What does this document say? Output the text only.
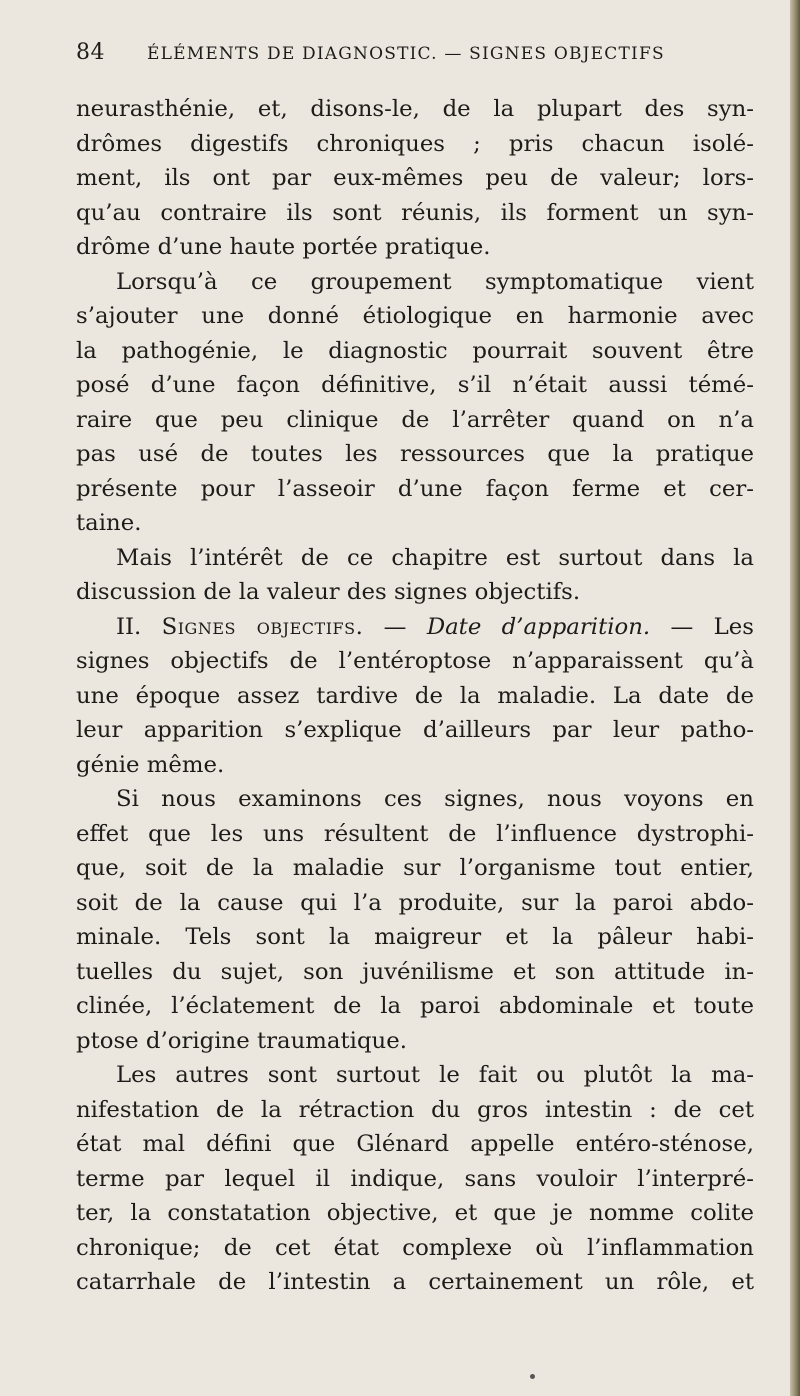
84 ÉLÉMENTS DE DIAGNOSTIC. — SIGNES OBJECTIFS
neurasthénie, et, disons-le, de la plupart des syn-
drômes digestifs chroniques ; pris chacun isolé-
ment, ils ont par eux-mêmes peu de valeur; lors-
qu’au contraire ils sont réunis, ils forment un syn-
drôme d’une haute portée pratique.
Lorsqu’à ce groupement symptomatique vient
s’ajouter une donné étiologique en harmonie avec
la pathogénie, le diagnostic pourrait souvent être
posé d’une façon définitive, s’il n’était aussi témé-
raire que peu clinique de l’arrêter quand on n’a
pas usé de toutes les ressources que la pratique
présente pour l’asseoir d’une façon ferme et cer-
taine.
Mais l’intérêt de ce chapitre est surtout dans la
discussion de la valeur des signes objectifs.
II. Signes objectifs. — Date d’apparition. — Les
signes objectifs de l’entéroptose n’apparaissent qu’à
une époque assez tardive de la maladie. La date de
leur apparition s’explique d’ailleurs par leur patho-
génie même.
Si nous examinons ces signes, nous voyons en
effet que les uns résultent de l’influence dystrophi-
que, soit de la maladie sur l’organisme tout entier,
soit de la cause qui l’a produite, sur la paroi abdo-
minale. Tels sont la maigreur et la pâleur habi-
tuelles du sujet, son juvénilisme et son attitude in-
clinée, l’éclatement de la paroi abdominale et toute
ptose d’origine traumatique.
Les autres sont surtout le fait ou plutôt la ma-
nifestation de la rétraction du gros intestin : de cet
état mal défini que Glénard appelle entéro-sténose,
terme par lequel il indique, sans vouloir l’interpré-
ter, la constatation objective, et que je nomme colite
chronique; de cet état complexe où l’inflammation
catarrhale de l’intestin a certainement un rôle, et
